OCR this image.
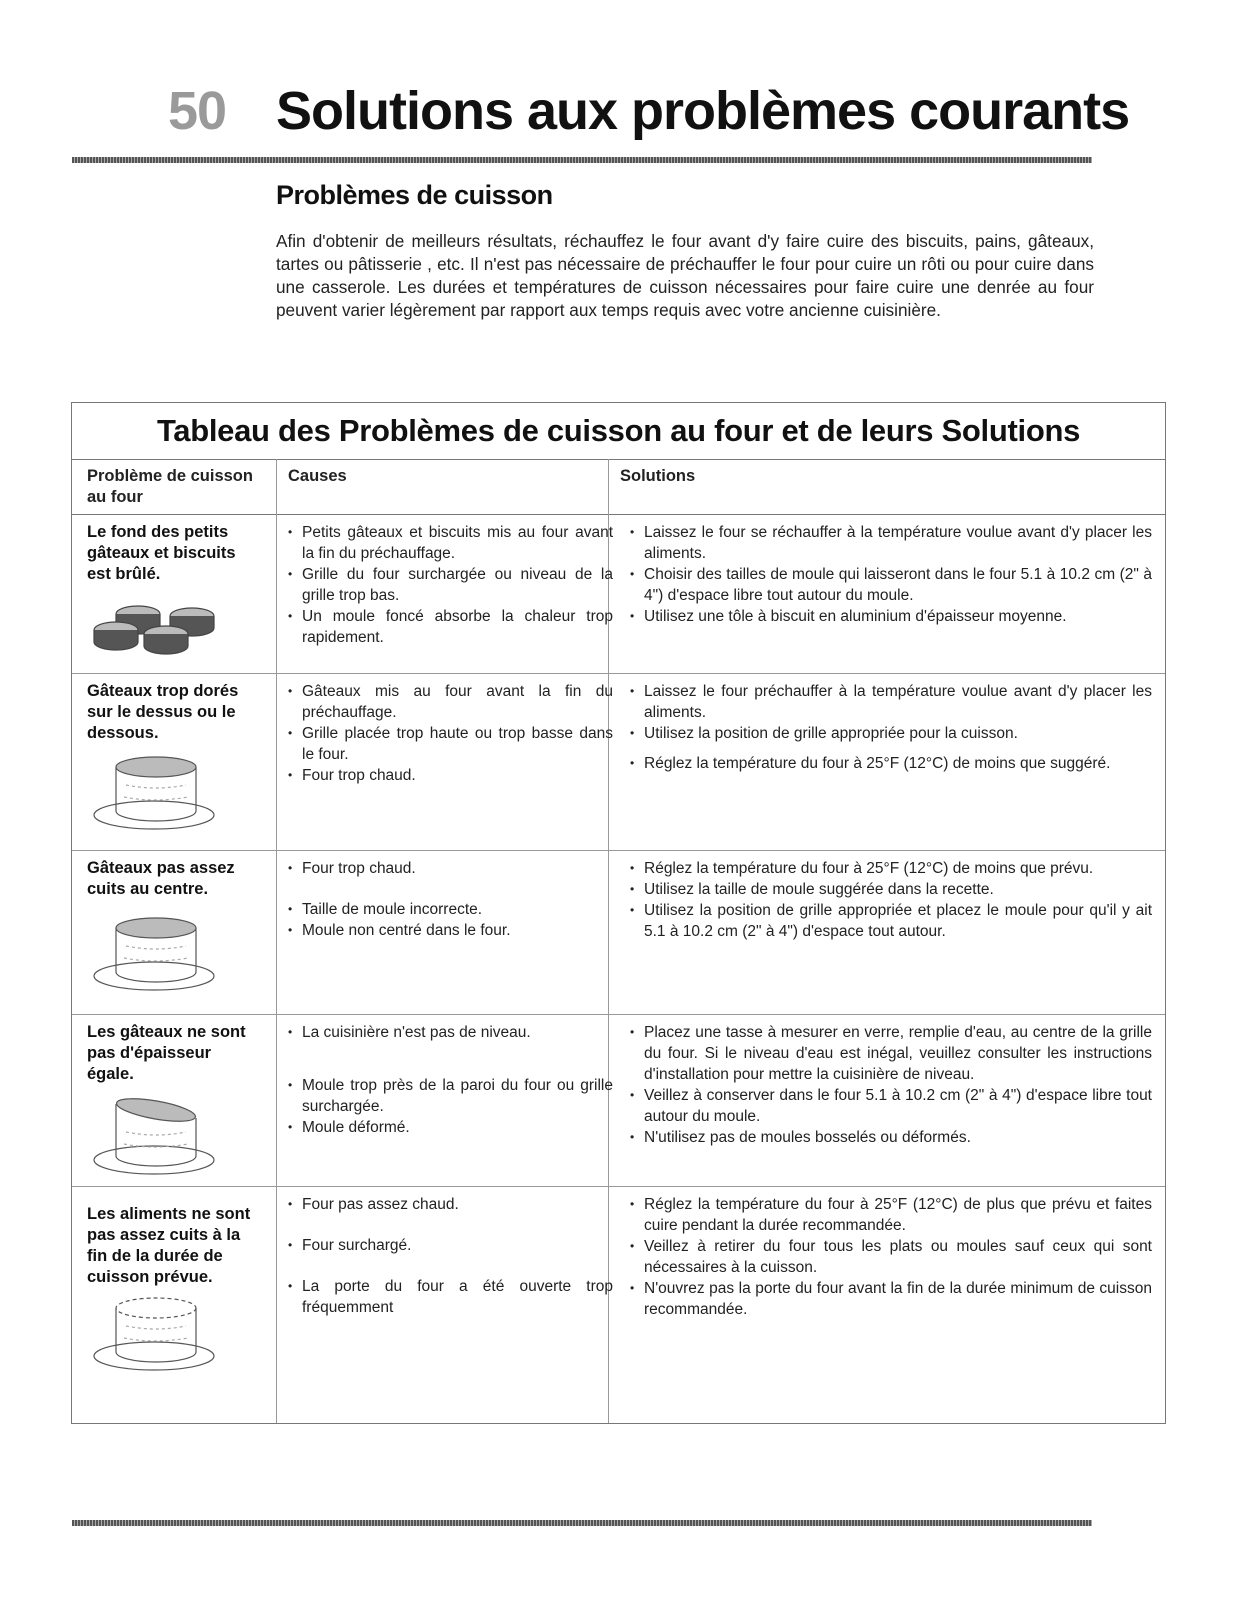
50 Solutions aux problèmes courants
Problèmes de cuisson
Afin d'obtenir de meilleurs résultats, réchauffez le four avant d'y faire cuire des biscuits, pains, gâteaux, tartes ou pâtisserie , etc. Il n'est pas nécessaire de préchauffer le four pour cuire un rôti ou pour cuire dans une casserole. Les durées et températures de cuisson nécessaires pour faire cuire une denrée au four peuvent varier légèrement par rapport aux temps requis avec votre ancienne cuisinière.
Tableau des Problèmes de cuisson au four et de leurs Solutions
Problème de cuisson au four
Causes	Solutions
Le fond des petits gâteaux et biscuits est brûlé.
• Petits gâteaux et biscuits mis au four avant la fin du préchauffage.
• Grille du four surchargée ou niveau de la grille trop bas.
• Un moule foncé absorbe la chaleur trop rapidement.
• Laissez le four se réchauffer à la température voulue avant d'y placer les aliments.
• Choisir des tailles de moule qui laisseront dans le four 5.1 à 10.2 cm (2" à 4") d'espace libre tout autour du moule.
• Utilisez une tôle à biscuit en aluminium d'épaisseur moyenne.
Gâteaux trop dorés sur le dessus ou le dessous.
• Gâteaux mis au four avant la fin du préchauffage.
• Grille placée trop haute ou trop basse dans le four.
• Four trop chaud.
• Laissez le four préchauffer à la température voulue avant d'y placer les aliments.
• Utilisez la position de grille appropriée pour la cuisson.
• Réglez la température du four à 25°F (12°C) de moins que suggéré.
Gâteaux pas assez cuits au centre.
• Four trop chaud.
• Taille de moule incorrecte.
• Moule non centré dans le four.
• Réglez la température du four à 25°F (12°C) de moins que prévu.
• Utilisez la taille de moule suggérée dans la recette.
• Utilisez la position de grille appropriée et placez le moule pour qu'il y ait 5.1 à 10.2 cm (2" à 4") d'espace tout autour.
Les gâteaux ne sont pas d'épaisseur égale.
• La cuisinière n'est pas de niveau.
• Moule trop près de la paroi du four ou grille surchargée.
• Moule déformé.
• Placez une tasse à mesurer en verre, remplie d'eau, au centre de la grille du four. Si le niveau d'eau est inégal, veuillez consulter les instructions d'installation pour mettre la cuisinière de niveau.
• Veillez à conserver dans le four 5.1 à 10.2 cm (2" à 4") d'espace libre tout autour du moule.
• N'utilisez pas de moules bosselés ou déformés.
Les aliments ne sont pas assez cuits à la fin de la durée de cuisson prévue.
• Four pas assez chaud.
• Four surchargé.
• La porte du four a été ouverte trop fréquemment
• Réglez la température du four à 25°F (12°C) de plus que prévu et faites cuire pendant la durée recommandée.
• Veillez à retirer du four tous les plats ou moules sauf ceux qui sont nécessaires à la cuisson.
• N'ouvrez pas la porte du four avant la fin de la durée minimum de cuisson recommandée.
